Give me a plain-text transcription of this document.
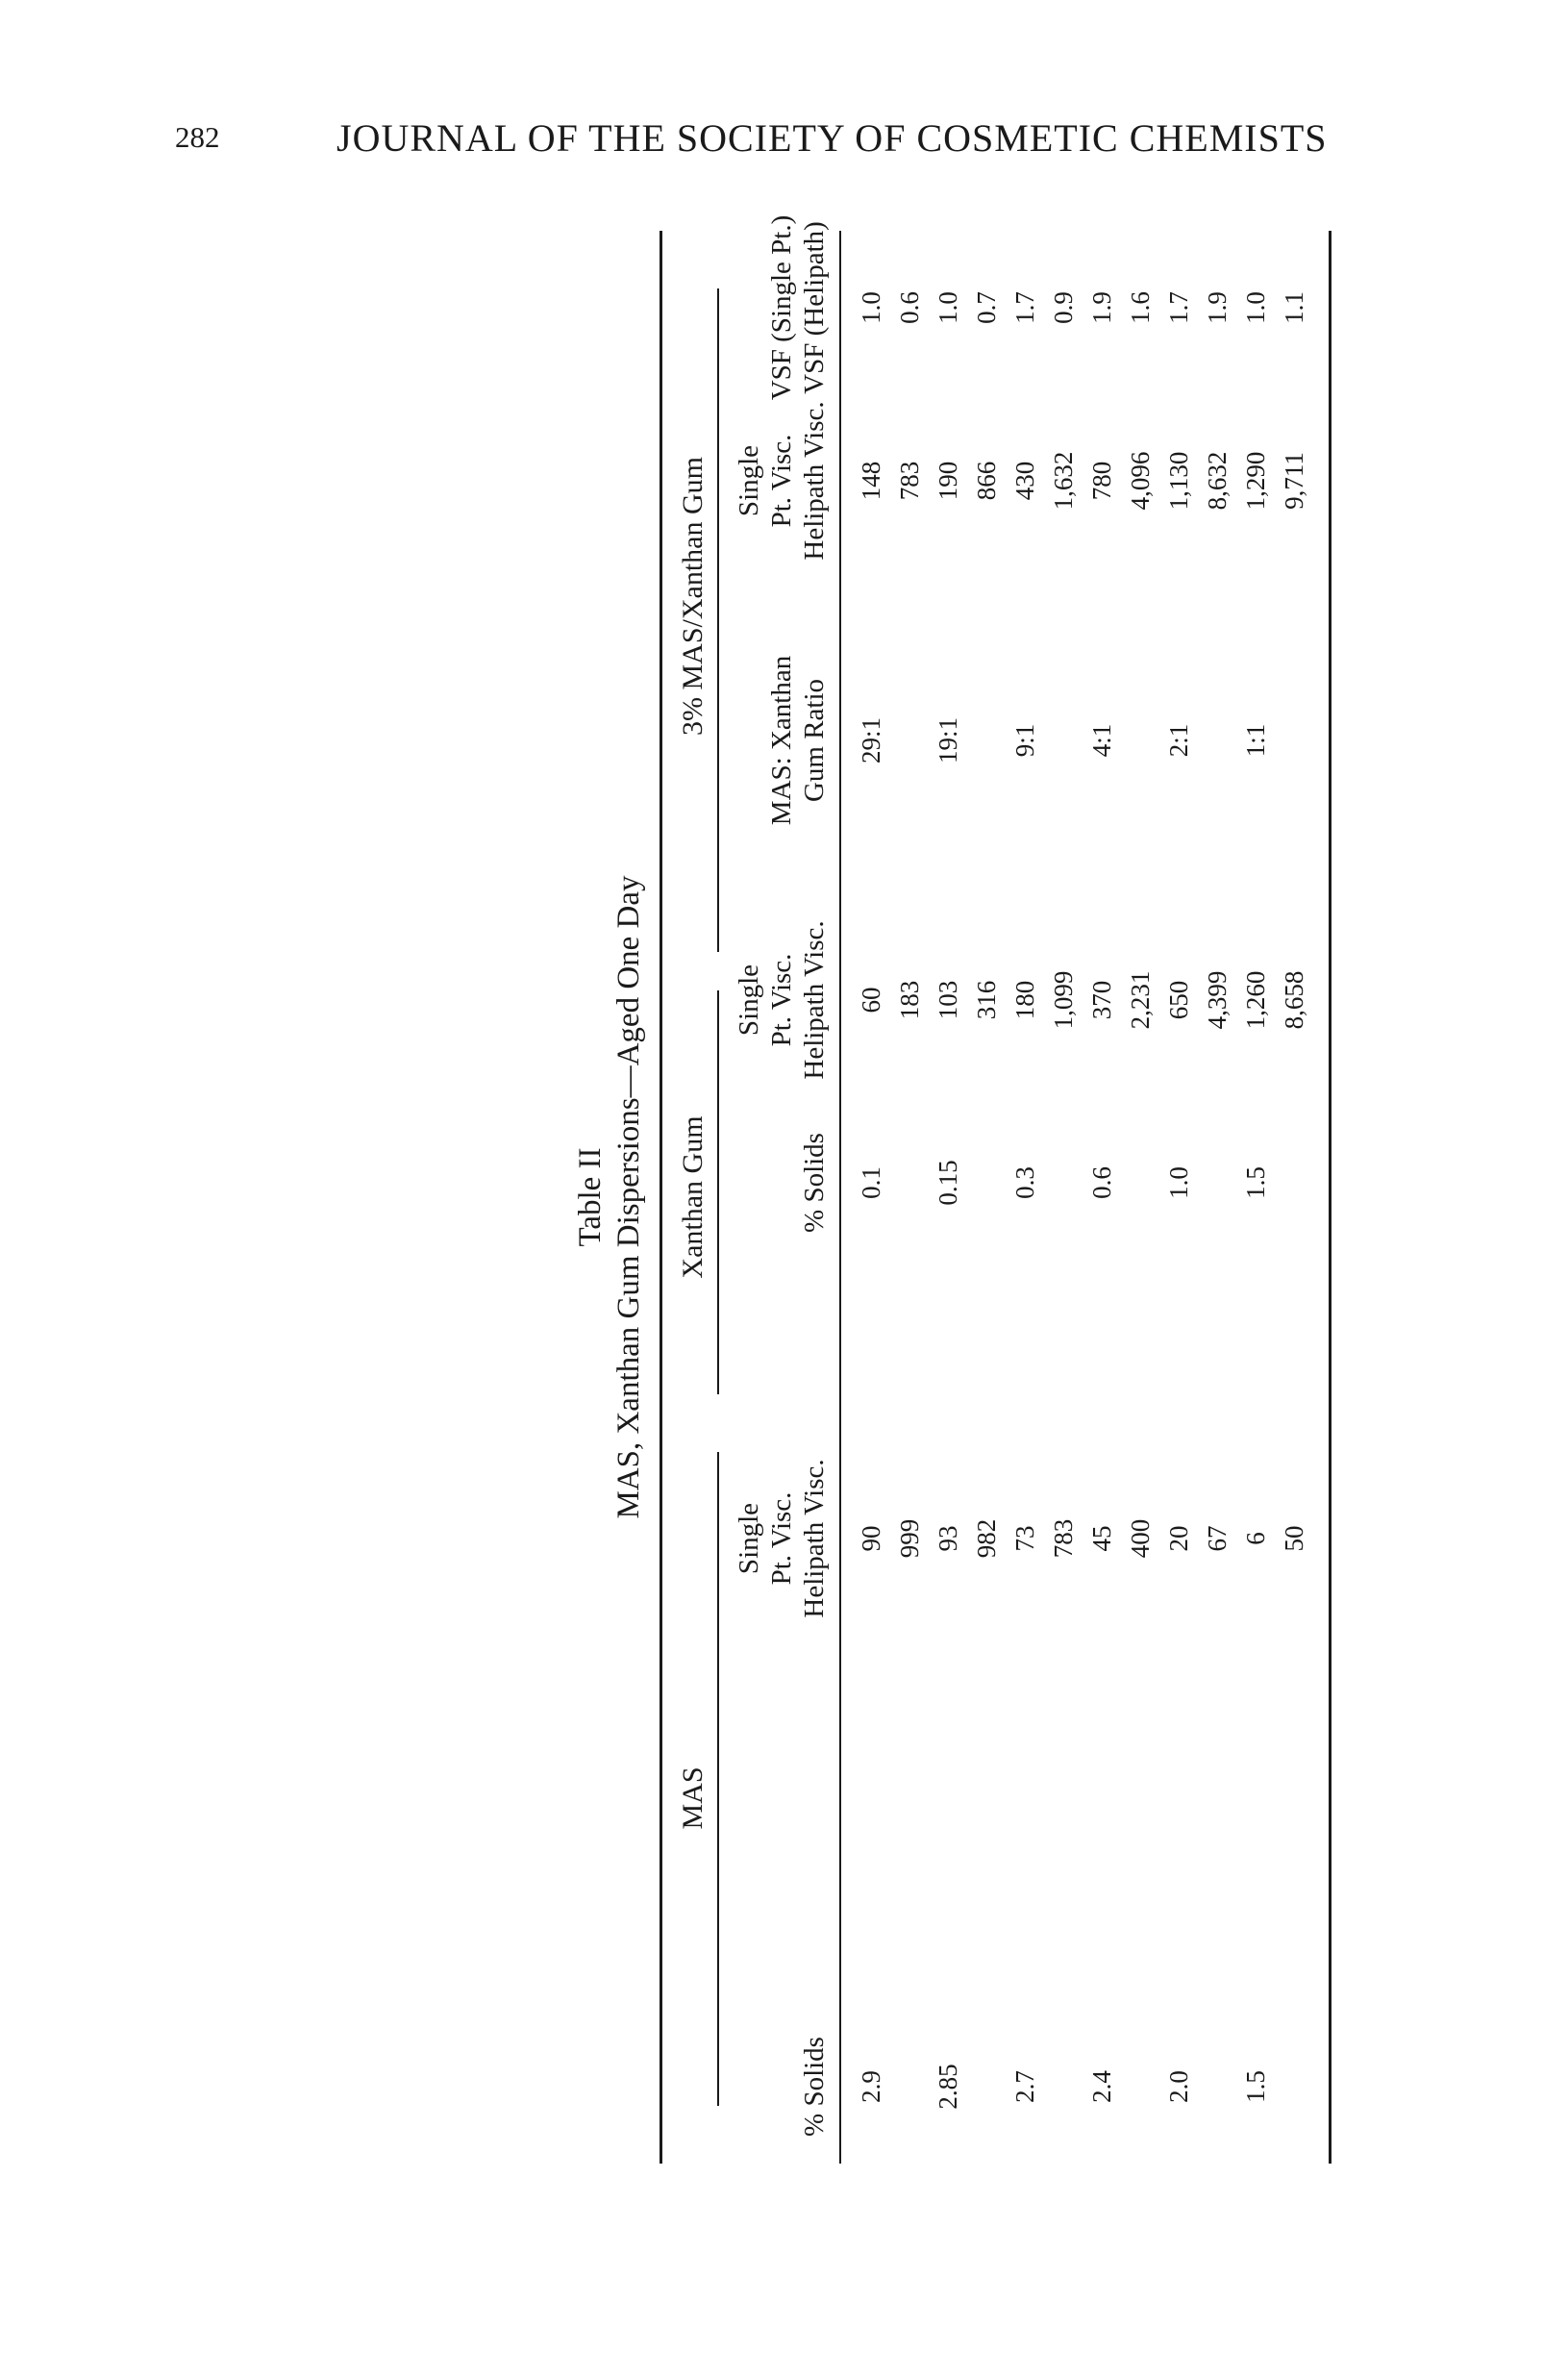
282	JOURNAL OF THE SOCIETY OF COSMETIC CHEMISTS
Table II MAS, Xanthan Gum Dispersions—Aged One Day
MAS
Xanthan Gum
3% MAS/Xanthan Gum
% Solids
Single Pt. Visc. Helipath Visc.
% Solids
Single Pt. Visc. Helipath Visc.
MAS: Xanthan Gum Ratio
Single Pt. Visc. Helipath Visc.
VSF (Single Pt.) VSF (Helipath)
2.9
90
0.1
60
29:1
148
1.0
999
183
783
0.6
2.85
93
0.15
103
19:1
190
1.0
982
316
866
0.7
2.7
73
0.3
180
9:1
430
1.7
783
1,099
1,632
0.9
2.4
45
0.6
370
4:1
780
1.9
400
2,231
4,096
1.6
2.0
20
1.0
650
2:1
1,130
1.7
67
4,399
8,632
1.9
1.5
6
1.5
1,260
1:1
1,290
1.0
50
8,658
9,711
1.1
